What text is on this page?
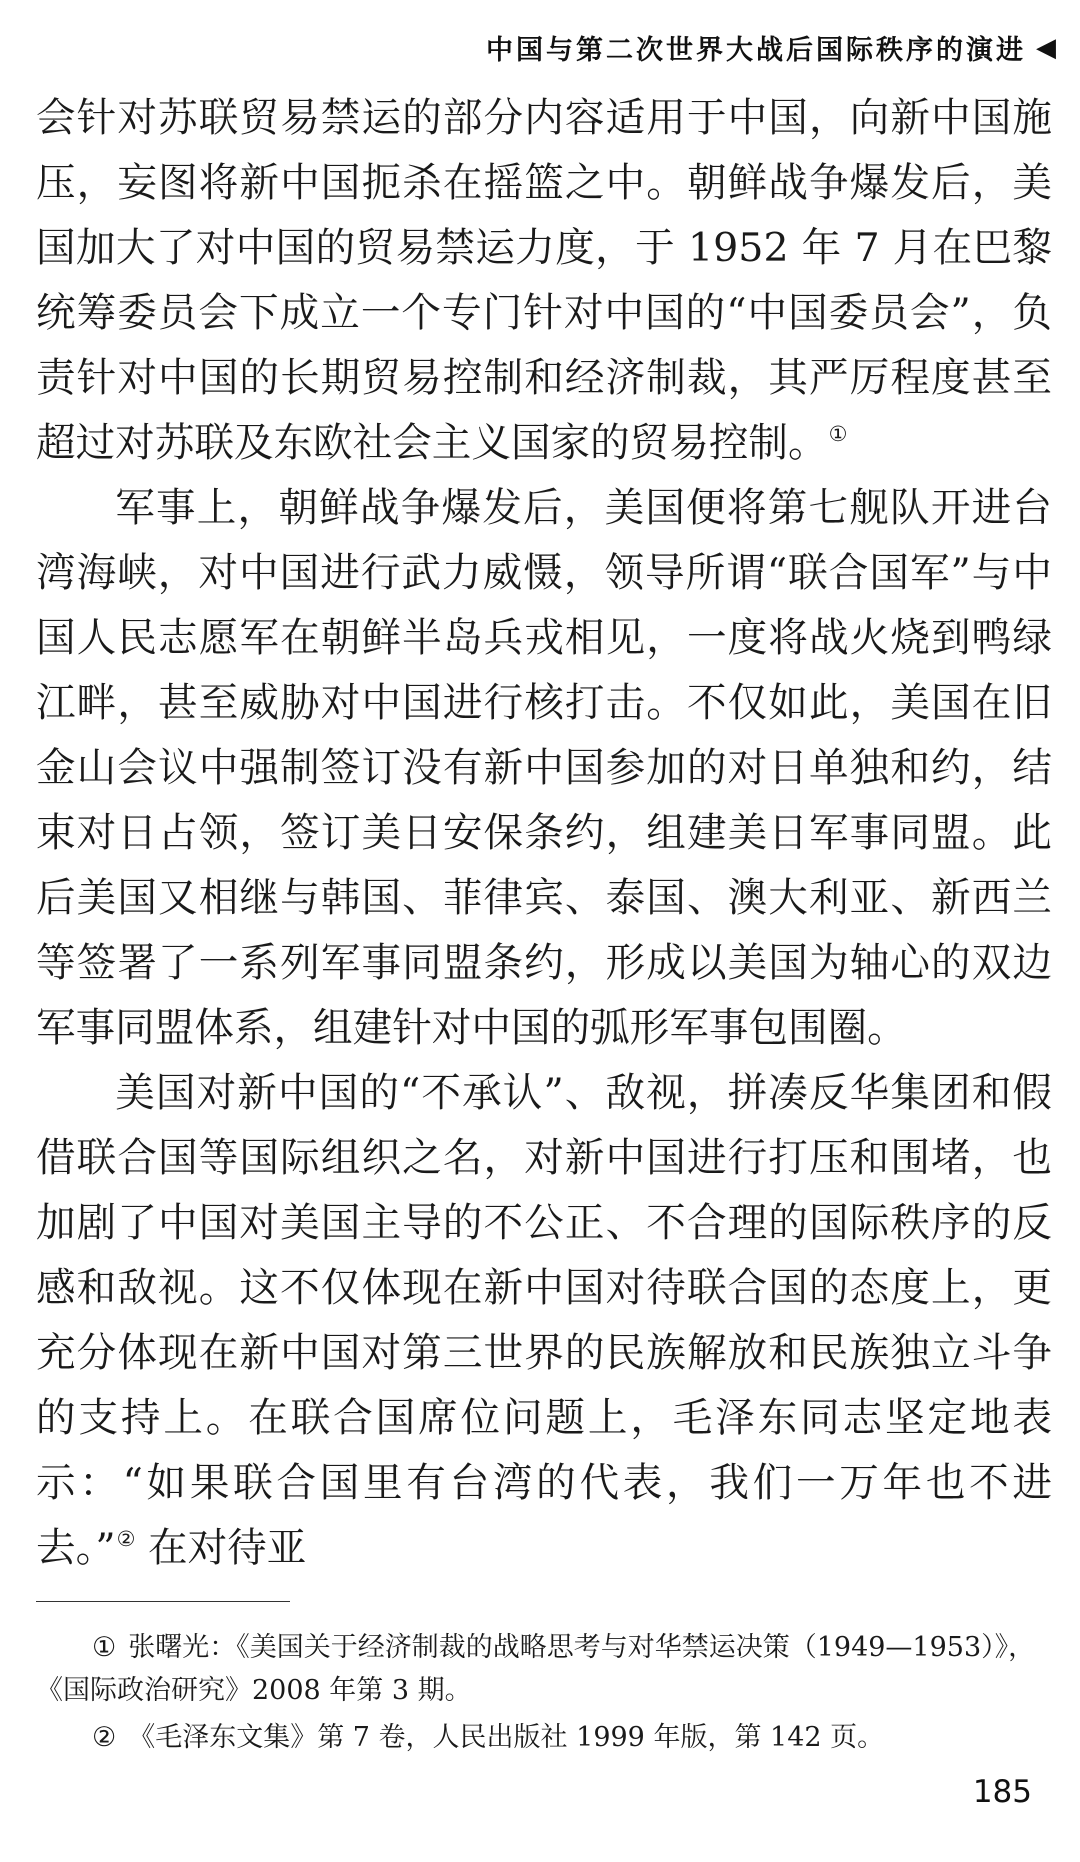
中国与第二次世界大战后国际秩序的演进 ◀

会针对苏联贸易禁运的部分内容适用于中国，向新中国施压，妄图将新中国扼杀在摇篮之中。朝鲜战争爆发后，美国加大了对中国的贸易禁运力度，于 1952 年 7 月在巴黎统筹委员会下成立一个专门针对中国的“中国委员会”，负责针对中国的长期贸易控制和经济制裁，其严厉程度甚至超过对苏联及东欧社会主义国家的贸易控制。①

军事上，朝鲜战争爆发后，美国便将第七舰队开进台湾海峡，对中国进行武力威慑，领导所谓“联合国军”与中国人民志愿军在朝鲜半岛兵戎相见，一度将战火烧到鸭绿江畔，甚至威胁对中国进行核打击。不仅如此，美国在旧金山会议中强制签订没有新中国参加的对日单独和约，结束对日占领，签订美日安保条约，组建美日军事同盟。此后美国又相继与韩国、菲律宾、泰国、澳大利亚、新西兰等签署了一系列军事同盟条约，形成以美国为轴心的双边军事同盟体系，组建针对中国的弧形军事包围圈。

美国对新中国的“不承认”、敌视，拼凑反华集团和假借联合国等国际组织之名，对新中国进行打压和围堵，也加剧了中国对美国主导的不公正、不合理的国际秩序的反感和敌视。这不仅体现在新中国对待联合国的态度上，更充分体现在新中国对第三世界的民族解放和民族独立斗争的支持上。在联合国席位问题上，毛泽东同志坚定地表示：“如果联合国里有台湾的代表，我们一万年也不进去。”② 在对待亚

① 张曙光：《美国关于经济制裁的战略思考与对华禁运决策（1949—1953）》，《国际政治研究》2008 年第 3 期。

② 《毛泽东文集》第 7 卷，人民出版社 1999 年版，第 142 页。

185
